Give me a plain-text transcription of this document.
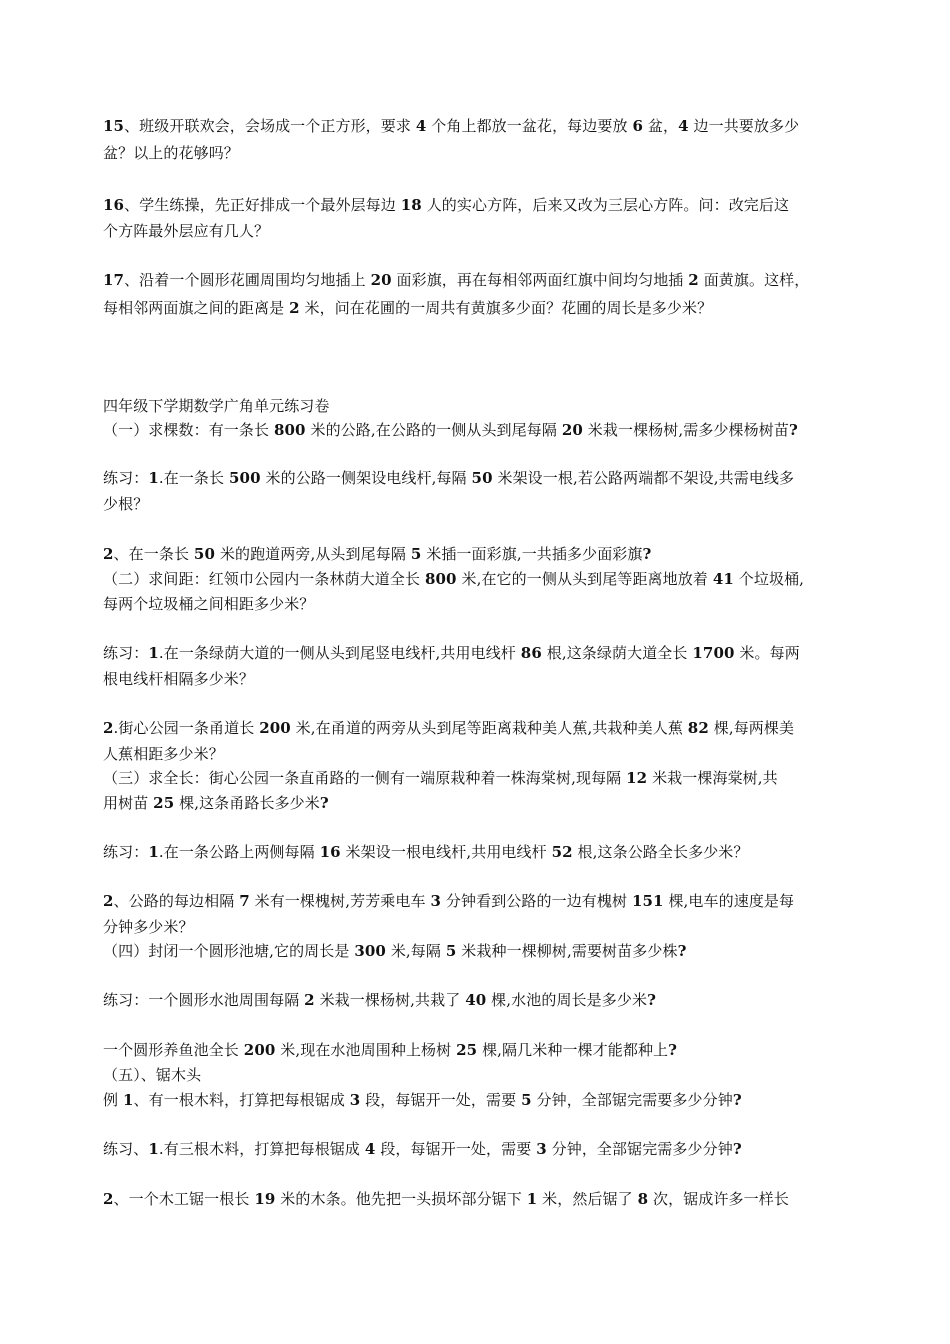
15、班级开联欢会，会场成一个正方形，要求 4 个角上都放一盆花，每边要放 6 盆，4 边一共要放多少
盆？以上的花够吗？
16、学生练操，先正好排成一个最外层每边 18 人的实心方阵，后来又改为三层心方阵。问：改完后这
个方阵最外层应有几人？
17、沿着一个圆形花圃周围均匀地插上 20 面彩旗，再在每相邻两面红旗中间均匀地插 2 面黄旗。这样，
每相邻两面旗之间的距离是 2 米，问在花圃的一周共有黄旗多少面？花圃的周长是多少米？
四年级下学期数学广角单元练习卷
（一）求棵数：有一条长 800 米的公路,在公路的一侧从头到尾每隔 20 米栽一棵杨树,需多少棵杨树苗?
练习：1.在一条长 500 米的公路一侧架设电线杆,每隔 50 米架设一根,若公路两端都不架设,共需电线多
少根？
2、在一条长 50 米的跑道两旁,从头到尾每隔 5 米插一面彩旗,一共插多少面彩旗?
（二）求间距：红领巾公园内一条林荫大道全长 800 米,在它的一侧从头到尾等距离地放着 41 个垃圾桶,
每两个垃圾桶之间相距多少米？
练习：1.在一条绿荫大道的一侧从头到尾竖电线杆,共用电线杆 86 根,这条绿荫大道全长 1700 米。每两
根电线杆相隔多少米？
2.街心公园一条甬道长 200 米,在甬道的两旁从头到尾等距离栽种美人蕉,共栽种美人蕉 82 棵,每两棵美
人蕉相距多少米？
（三）求全长：街心公园一条直甬路的一侧有一端原栽种着一株海棠树,现每隔 12 米栽一棵海棠树,共
用树苗 25 棵,这条甬路长多少米?
练习：1.在一条公路上两侧每隔 16 米架设一根电线杆,共用电线杆 52 根,这条公路全长多少米？
2、公路的每边相隔 7 米有一棵槐树,芳芳乘电车 3 分钟看到公路的一边有槐树 151 棵,电车的速度是每
分钟多少米？
（四）封闭一个圆形池塘,它的周长是 300 米,每隔 5 米栽种一棵柳树,需要树苗多少株?
练习：一个圆形水池周围每隔 2 米栽一棵杨树,共栽了 40 棵,水池的周长是多少米?
一个圆形养鱼池全长 200 米,现在水池周围种上杨树 25 棵,隔几米种一棵才能都种上?
（五）、锯木头
例 1、有一根木料，打算把每根锯成 3 段，每锯开一处，需要 5 分钟，全部锯完需要多少分钟?
练习、1.有三根木料，打算把每根锯成 4 段，每锯开一处，需要 3 分钟，全部锯完需多少分钟?
2、一个木工锯一根长 19 米的木条。他先把一头损坏部分锯下 1 米，然后锯了 8 次，锯成许多一样长
